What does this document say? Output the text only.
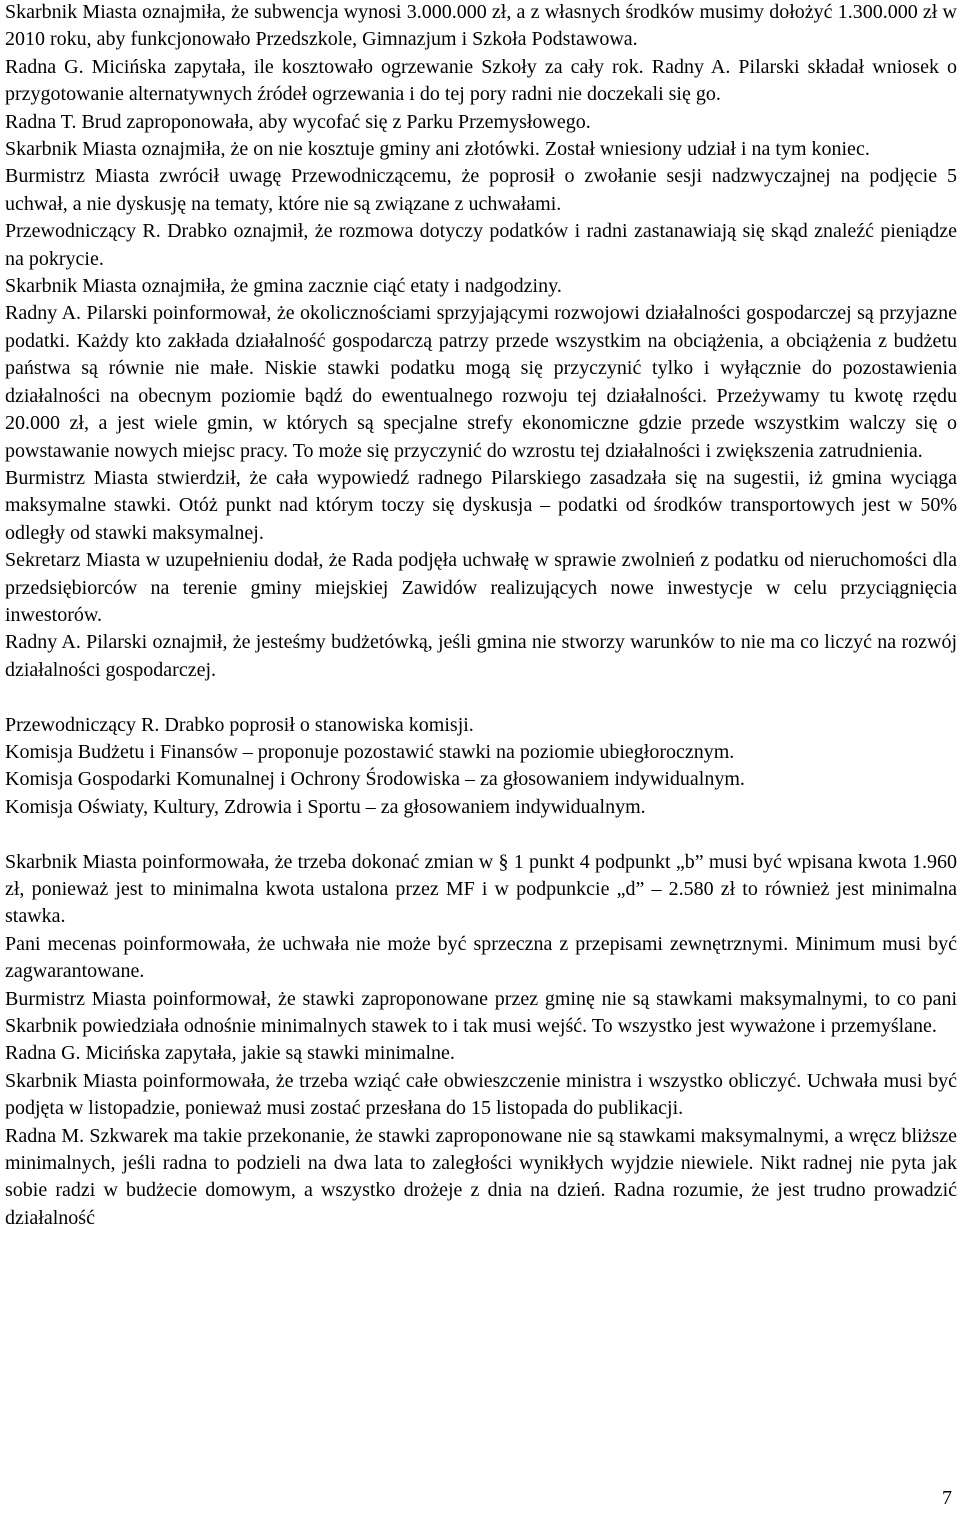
Skarbnik Miasta oznajmiła, że subwencja wynosi 3.000.000 zł, a z własnych środków musimy dołożyć 1.300.000 zł w 2010 roku, aby funkcjonowało Przedszkole, Gimnazjum i Szkoła Podstawowa.

Radna G. Micińska zapytała, ile kosztowało ogrzewanie Szkoły za cały rok. Radny A. Pilarski składał wniosek o przygotowanie alternatywnych źródeł ogrzewania i do tej pory radni nie doczekali się go.

Radna T. Brud zaproponowała, aby wycofać się z Parku Przemysłowego.

Skarbnik Miasta oznajmiła, że on nie kosztuje gminy ani złotówki. Został wniesiony udział i na tym koniec.

Burmistrz Miasta zwrócił uwagę Przewodniczącemu, że poprosił o zwołanie sesji nadzwyczajnej na podjęcie 5 uchwał, a nie dyskusję na tematy, które nie są związane z uchwałami.

Przewodniczący R. Drabko oznajmił, że rozmowa dotyczy podatków i radni zastanawiają się skąd znaleźć pieniądze na pokrycie.

Skarbnik Miasta oznajmiła, że gmina zacznie ciąć etaty i nadgodziny.

Radny A. Pilarski poinformował, że okolicznościami sprzyjającymi rozwojowi działalności gospodarczej są przyjazne podatki. Każdy kto zakłada działalność gospodarczą patrzy przede wszystkim na obciążenia, a obciążenia z budżetu państwa są równie nie małe. Niskie stawki podatku mogą się przyczynić tylko i wyłącznie do pozostawienia działalności na obecnym poziomie bądź do ewentualnego rozwoju tej działalności. Przeżywamy tu kwotę rzędu 20.000 zł, a jest wiele gmin, w których są specjalne strefy ekonomiczne gdzie przede wszystkim walczy się o powstawanie nowych miejsc pracy. To może się przyczynić do wzrostu tej działalności i zwiększenia zatrudnienia.

Burmistrz Miasta stwierdził, że cała wypowiedź radnego Pilarskiego zasadzała się na sugestii, iż gmina wyciąga maksymalne stawki. Otóż punkt nad którym toczy się dyskusja – podatki od środków transportowych jest w 50% odległy od stawki maksymalnej.

Sekretarz Miasta w uzupełnieniu dodał, że Rada podjęła uchwałę w sprawie zwolnień z podatku od nieruchomości dla przedsiębiorców na terenie gminy miejskiej Zawidów realizujących nowe inwestycje w celu przyciągnięcia inwestorów.

Radny A. Pilarski oznajmił, że jesteśmy budżetówką, jeśli gmina nie stworzy warunków to nie ma co liczyć na rozwój działalności gospodarczej.

Przewodniczący R. Drabko poprosił o stanowiska komisji.

Komisja Budżetu i Finansów – proponuje pozostawić stawki na poziomie ubiegłorocznym.

Komisja Gospodarki Komunalnej i Ochrony Środowiska – za głosowaniem indywidualnym.

Komisja Oświaty, Kultury, Zdrowia i Sportu – za głosowaniem indywidualnym.

Skarbnik Miasta poinformowała, że trzeba dokonać zmian w § 1 punkt 4 podpunkt „b” musi być wpisana kwota 1.960 zł, ponieważ jest to minimalna kwota ustalona przez MF i w podpunkcie „d” – 2.580 zł to również jest minimalna stawka.

Pani mecenas poinformowała, że uchwała nie może być sprzeczna z przepisami zewnętrznymi. Minimum musi być zagwarantowane.

Burmistrz Miasta poinformował, że stawki zaproponowane przez gminę nie są stawkami maksymalnymi, to co pani Skarbnik powiedziała odnośnie minimalnych stawek to i tak musi wejść. To wszystko jest wyważone i przemyślane.

Radna G. Micińska zapytała, jakie są stawki minimalne.

Skarbnik Miasta poinformowała, że trzeba wziąć całe obwieszczenie ministra i wszystko obliczyć. Uchwała musi być podjęta w listopadzie, ponieważ musi zostać przesłana do 15 listopada do publikacji.

Radna M. Szkwarek ma takie przekonanie, że stawki zaproponowane nie są stawkami maksymalnymi, a wręcz bliższe minimalnych, jeśli radna to podzieli na dwa lata to zaległości wynikłych wyjdzie niewiele. Nikt radnej nie pyta jak sobie radzi w budżecie domowym, a wszystko drożeje z dnia na dzień. Radna rozumie, że jest trudno prowadzić działalność

7
